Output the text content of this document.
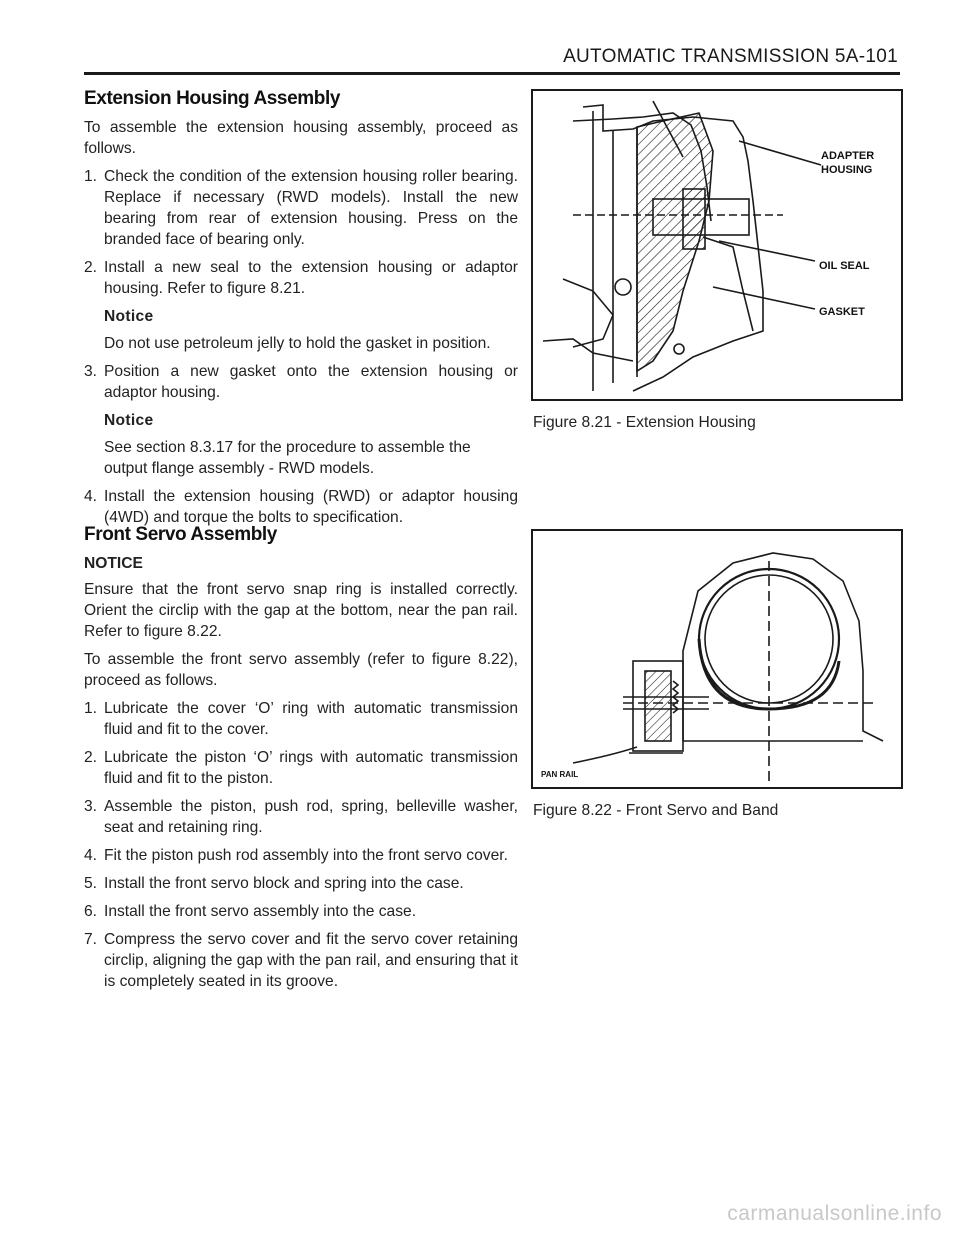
AUTOMATIC TRANSMISSION 5A-101
Extension Housing Assembly

To assemble the extension housing assembly, proceed as follows.

1. Check the condition of the extension housing roller bearing. Replace if necessary (RWD models). Install the new bearing from rear of extension housing. Press on the branded face of bearing only.
2. Install a new seal to the extension housing or adaptor housing. Refer to figure 8.21.
Notice
Do not use petroleum jelly to hold the gasket in position.
3. Position a new gasket onto the extension housing or adaptor housing.
Notice
See section 8.3.17 for the procedure to assemble the output flange assembly - RWD models.
4. Install the extension housing (RWD) or adaptor housing (4WD) and torque the bolts to specification.
Front Servo Assembly
NOTICE

Ensure that the front servo snap ring is installed correctly. Orient the circlip with the gap at the bottom, near the pan rail. Refer to figure 8.22.

To assemble the front servo assembly (refer to figure 8.22), proceed as follows.

1. Lubricate the cover ‘O’ ring with automatic transmission fluid and fit to the cover.
2. Lubricate the piston ‘O’ rings with automatic transmission fluid and fit to the piston.
3. Assemble the piston, push rod, spring, belleville washer, seat and retaining ring.
4. Fit the piston push rod assembly into the front servo cover.
5. Install the front servo block and spring into the case.
6. Install the front servo assembly into the case.
7. Compress the servo cover and fit the servo cover retaining circlip, aligning the gap with the pan rail, and ensuring that it is completely seated in its groove.
ADAPTER
HOUSING
OIL SEAL
GASKET
Figure 8.21 - Extension Housing
PAN RAIL
Figure 8.22 - Front Servo and Band
carmanualsonline.info
